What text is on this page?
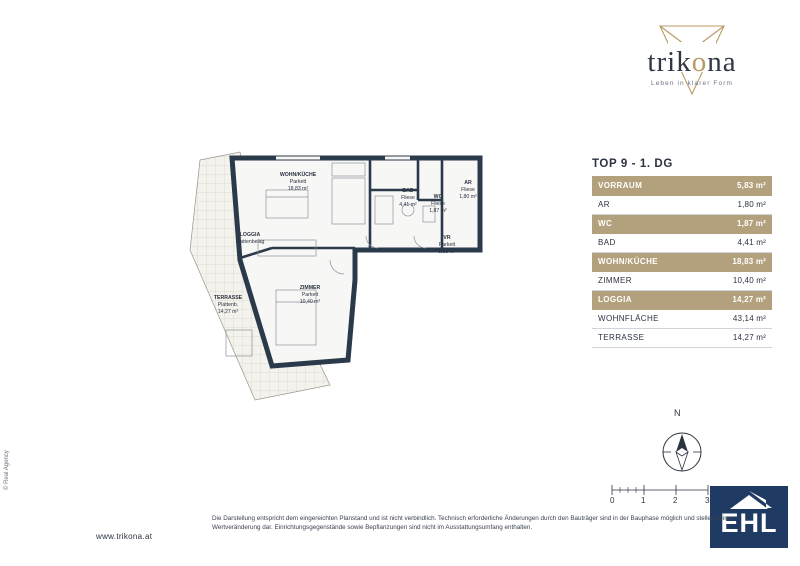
trikona
Leben in klarer Form
TOP 9 - 1. DG
VORRAUM	5,83 m²
AR	1,80 m²
WC	1,87 m²
BAD	4,41 m²
WOHN/KÜCHE	18,83 m²
ZIMMER	10,40 m²
LOGGIA	14,27 m²
WOHNFLÄCHE	43,14 m²
TERRASSE	14,27 m²
N
0	1	2	3
EHL
www.trikona.at
Die Darstellung entspricht dem eingereichten Planstand und ist nicht verbindlich. Technisch erforderliche Änderungen durch den Bauträger sind in der Bauphase möglich und stellen keine Wertveränderung dar. Einrichtungsgegenstände sowie Bepflanzungen sind nicht im Ausstattungsumfang enthalten.
© Real Agency
WOHN/KÜCHE
Parkett
18,83 m²	BAD
Fliese
4,41 m²
WC
Fliese
1,87 m²
AR
Fliese
1,80 m²
VR
Parkett
5,83 m²
ZIMMER
Parkett
10,40 m²
TERRASSE
Plattenb.
14,27 m²
LOGGIA
Plattenbelag
